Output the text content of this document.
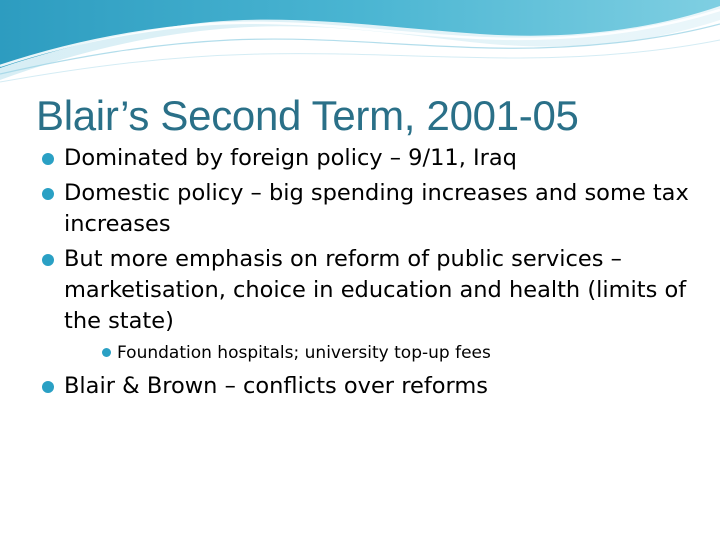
Blair’s Second Term, 2001-05
Dominated by foreign policy – 9/11, Iraq
Domestic policy – big spending increases and some tax increases
But more emphasis on reform of public services – marketisation, choice in education and health (limits of the state)
Foundation hospitals; university top-up fees
Blair & Brown – conflicts over reforms
